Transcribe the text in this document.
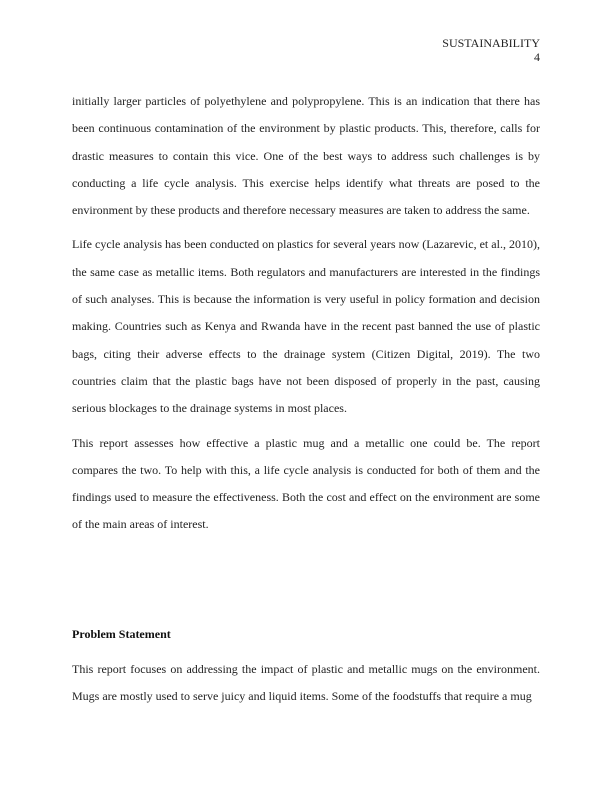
SUSTAINABILITY
4

initially larger particles of polyethylene and polypropylene. This is an indication that there has been continuous contamination of the environment by plastic products. This, therefore, calls for drastic measures to contain this vice. One of the best ways to address such challenges is by conducting a life cycle analysis. This exercise helps identify what threats are posed to the environment by these products and therefore necessary measures are taken to address the same.

Life cycle analysis has been conducted on plastics for several years now (Lazarevic, et al., 2010), the same case as metallic items. Both regulators and manufacturers are interested in the findings of such analyses. This is because the information is very useful in policy formation and decision making. Countries such as Kenya and Rwanda have in the recent past banned the use of plastic bags, citing their adverse effects to the drainage system (Citizen Digital, 2019). The two countries claim that the plastic bags have not been disposed of properly in the past, causing serious blockages to the drainage systems in most places.

This report assesses how effective a plastic mug and a metallic one could be. The report compares the two. To help with this, a life cycle analysis is conducted for both of them and the findings used to measure the effectiveness. Both the cost and effect on the environment are some of the main areas of interest.

Problem Statement

This report focuses on addressing the impact of plastic and metallic mugs on the environment. Mugs are mostly used to serve juicy and liquid items. Some of the foodstuffs that require a mug
